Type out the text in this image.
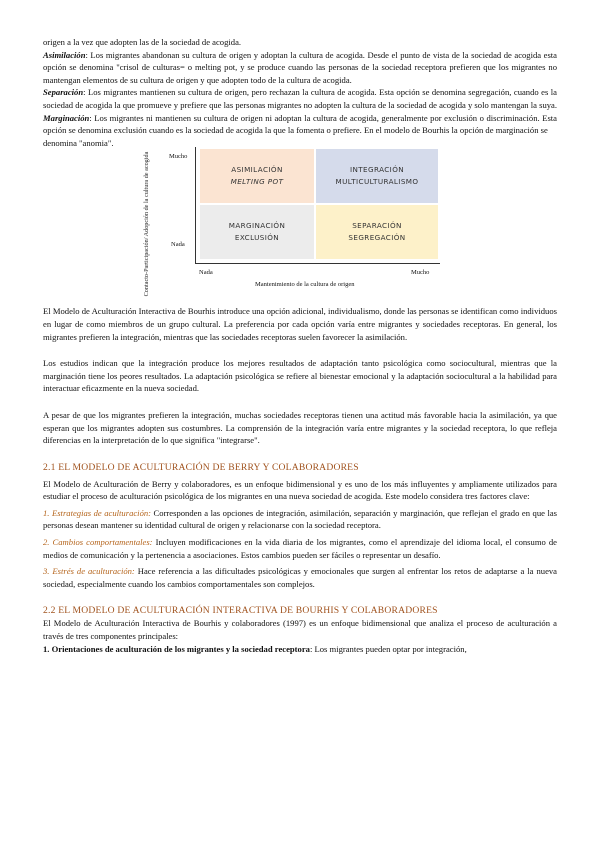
origen a la vez que adopten las de la sociedad de acogida.

Asimilación: Los migrantes abandonan su cultura de origen y adoptan la cultura de acogida. Desde el punto de vista de la sociedad de acogida esta opción se denomina "crisol de culturas= o melting pot, y se produce cuando las personas de la sociedad receptora prefieren que los migrantes no mantengan elementos de su cultura de origen y que adopten todo de la cultura de acogida.

Separación: Los migrantes mantienen su cultura de origen, pero rechazan la cultura de acogida. Esta opción se denomina segregación, cuando es la sociedad de acogida la que promueve y prefiere que las personas migrantes no adopten la cultura de la sociedad de acogida y solo mantengan la suya.

Marginación: Los migrantes ni mantienen su cultura de origen ni adoptan la cultura de acogida, generalmente por exclusión o discriminación. Esta opción se denomina exclusión cuando es la sociedad de acogida la que la fomenta o prefiere. En el modelo de Bourhis la opción de marginación se

denomina "anomia".

Contacto-Participación/ Adopción de la cultura de acogida	Mucho
Nada
ASIMILACIÓN
MELTING POT
INTEGRACIÓN
MULTICULTURALISMO
MARGINACIÓN
EXCLUSIÓN
SEPARACIÓN
SEGREGACIÓN
Nada	Mucho
Mantenimiento de la cultura de origen

El Modelo de Aculturación Interactiva de Bourhis introduce una opción adicional, individualismo, donde las personas se identifican como individuos en lugar de como miembros de un grupo cultural. La preferencia por cada opción varía entre migrantes y sociedades receptoras. En general, los migrantes prefieren la integración, mientras que las sociedades receptoras suelen favorecer la asimilación.

Los estudios indican que la integración produce los mejores resultados de adaptación tanto psicológica como sociocultural, mientras que la marginación tiene los peores resultados. La adaptación psicológica se refiere al bienestar emocional y la adaptación sociocultural a la habilidad para interactuar eficazmente en la nueva sociedad.

A pesar de que los migrantes prefieren la integración, muchas sociedades receptoras tienen una actitud más favorable hacia la asimilación, ya que esperan que los migrantes adopten sus costumbres. La comprensión de la integración varía entre migrantes y la sociedad receptora, lo que refleja diferencias en la interpretación de lo que significa "integrarse".

2.1 EL MODELO DE ACULTURACIÓN DE BERRY Y COLABORADORES

El Modelo de Aculturación de Berry y colaboradores, es un enfoque bidimensional y es uno de los más influyentes y ampliamente utilizados para estudiar el proceso de aculturación psicológica de los migrantes en una nueva sociedad de acogida. Este modelo considera tres factores clave:

1. Estrategias de aculturación: Corresponden a las opciones de integración, asimilación, separación y marginación, que reflejan el grado en que las personas desean mantener su identidad cultural de origen y relacionarse con la sociedad receptora.

2. Cambios comportamentales: Incluyen modificaciones en la vida diaria de los migrantes, como el aprendizaje del idioma local, el consumo de medios de comunicación y la pertenencia a asociaciones. Estos cambios pueden ser fáciles o representar un desafío.

3. Estrés de aculturación: Hace referencia a las dificultades psicológicas y emocionales que surgen al enfrentar los retos de adaptarse a la nueva sociedad, especialmente cuando los cambios comportamentales son complejos.

2.2 EL MODELO DE ACULTURACIÓN INTERACTIVA DE BOURHIS Y COLABORADORES

El Modelo de Aculturación Interactiva de Bourhis y colaboradores (1997) es un enfoque bidimensional que analiza el proceso de aculturación a través de tres componentes principales:

1. Orientaciones de aculturación de los migrantes y la sociedad receptora: Los migrantes pueden optar por integración,
